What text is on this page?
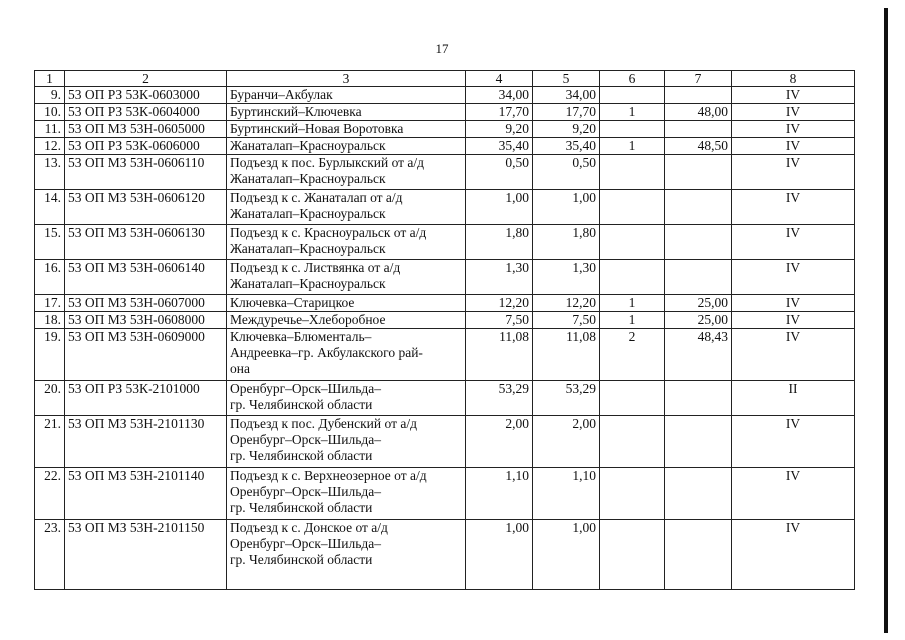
17
1	2	3	4	5	6	7	8
9.	53 ОП РЗ 53К-0603000	Буранчи–Акбулак	34,00	34,00			IV
10.	53 ОП РЗ 53К-0604000	Буртинский–Ключевка	17,70	17,70	1	48,00	IV
11.	53 ОП МЗ 53Н-0605000	Буртинский–Новая Воротовка	9,20	9,20			IV
12.	53 ОП РЗ 53К-0606000	Жанаталап–Красноуральск	35,40	35,40	1	48,50	IV
13.	53 ОП МЗ 53Н-0606110	Подъезд к пос. Бурлыкский от а/д
Жанаталап–Красноуральск	0,50	0,50			IV
14.	53 ОП МЗ 53Н-0606120	Подъезд к с. Жанаталап от а/д
Жанаталап–Красноуральск	1,00	1,00			IV
15.	53 ОП МЗ 53Н-0606130	Подъезд к с. Красноуральск от а/д
Жанаталап–Красноуральск	1,80	1,80			IV
16.	53 ОП МЗ 53Н-0606140	Подъезд к с. Листвянка от а/д
Жанаталап–Красноуральск	1,30	1,30			IV
17.	53 ОП МЗ 53Н-0607000	Ключевка–Старицкое	12,20	12,20	1	25,00	IV
18.	53 ОП МЗ 53Н-0608000	Междуречье–Хлеборобное	7,50	7,50	1	25,00	IV
19.	53 ОП МЗ 53Н-0609000	Ключевка–Блюменталь–
Андреевка–гр. Акбулакского рай-
она	11,08	11,08	2	48,43	IV
20.	53 ОП РЗ 53К-2101000	Оренбург–Орск–Шильда–
гр. Челябинской области	53,29	53,29			II
21.	53 ОП МЗ 53Н-2101130	Подъезд к пос. Дубенский от а/д
Оренбург–Орск–Шильда–
гр. Челябинской области	2,00	2,00			IV
22.	53 ОП МЗ 53Н-2101140	Подъезд к с. Верхнеозерное от а/д
Оренбург–Орск–Шильда–
гр. Челябинской области	1,10	1,10			IV
23.	53 ОП МЗ 53Н-2101150	Подъезд к с. Донское от а/д
Оренбург–Орск–Шильда–
гр. Челябинской области	1,00	1,00			IV
